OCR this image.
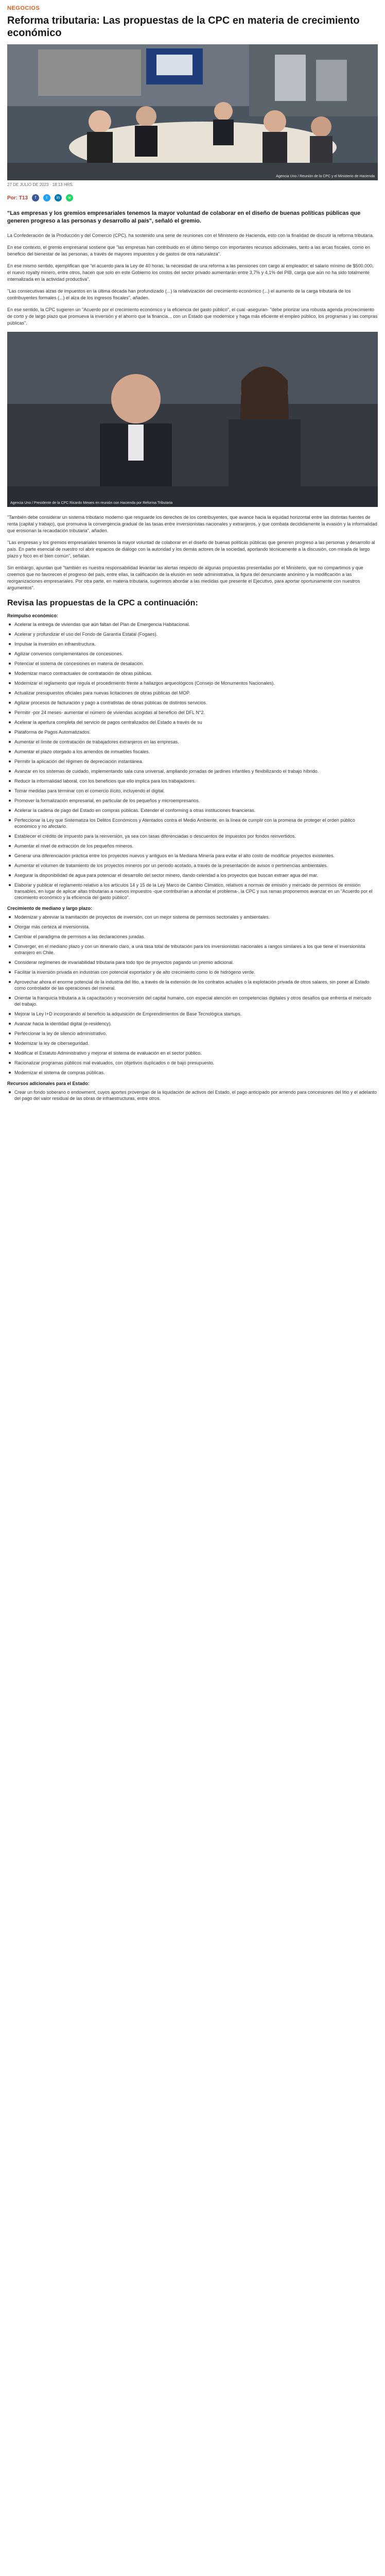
NEGOCIOS
Reforma tributaria: Las propuestas de la CPC en materia de crecimiento económico
Agencia Uno / Reunión de la CPC y el Ministerio de Hacienda
27 DE JULIO DE 2023 · 18:13 HRS.
Por: T13	f	t	in	w
"Las empresas y los gremios empresariales tenemos la mayor voluntad de colaborar en el diseño de buenas políticas públicas que generen progreso a las personas y desarrollo al país", señaló el gremio.

La Confederación de la Producción y del Comercio (CPC), ha sostenido una serie de reuniones con el Ministerio de Hacienda, esto con la finalidad de discutir la reforma tributaria.

En ese contexto, el gremio empresarial sostiene que "las empresas han contribuido en el último tiempo con importantes recursos adicionales, tanto a las arcas fiscales, como en beneficio del bienestar de las personas, a través de mayores impuestos y de gastos de otra naturaleza".

En ese mismo sentido, ejemplifican que "el acuerdo para la Ley de 40 horas, la necesidad de una reforma a las pensiones con cargo al empleador, el salario mínimo de $500.000, el nuevo royalty minero, entre otros, hacen que solo en este Gobierno los costos del sector privado aumentarán entre 3,7% y 4,1% del PIB, carga que aún no ha sido totalmente internalizada en la actividad productiva".

"Las consecutivas alzas de impuestos en la última década han profundizado (...) la relativización del crecimiento económico (...) el aumento de la carga tributaria de los contribuyentes formales (...) el alza de los ingresos fiscales", añaden.

En ese sentido, la CPC sugieren un "Acuerdo por el crecimiento económico y la eficiencia del gasto público", el cual -aseguran- "debe priorizar una robusta agenda procrecimiento de corto y de largo plazo que promueva la inversión y el ahorro que la financia... con un Estado que modernice y haga más eficiente el empleo público, los programas y las compras públicas".

Agencia Uno / Presidente de la CPC Ricardo Mewes en reunión con Hacienda por Reforma Tributaria

"También debe considerar un sistema tributario moderno que resguarde los derechos de los contribuyentes, que avance hacia la equidad horizontal entre las distintas fuentes de renta (capital y trabajo), que promueva la convergencia gradual de las tasas entre inversionistas nacionales y extranjeros, y que combata decididamente la evasión y la informalidad que erosionan la recaudación tributaria", añaden.

"Las empresas y los gremios empresariales tenemos la mayor voluntad de colaborar en el diseño de buenas políticas públicas que generen progreso a las personas y desarrollo al país. En parte esencial de nuestro rol abrir espacios de diálogo con la autoridad y los demás actores de la sociedad, aportando técnicamente a la discusión, con mirada de largo plazo y foco en el bien común", señalan.

Sin embargo, apuntan que "también es nuestra responsabilidad levantar las alertas respecto de algunas propuestas presentadas por el Ministerio, que no compartimos y que creemos que no favorecen el progreso del país, entre ellas, la calificación de la elusión en sede administrativa, la figura del denunciante anónimo y la modificación a las reorganizaciones empresariales. Por otra parte, en materia tributaria, sugerimos abordar a las medidas que presente el Ejecutivo, para aportar oportunamente con nuestros argumentos".

Revisa las propuestas de la CPC a continuación:
Reimpulso económico:
Acelerar la entrega de viviendas que aún faltan del Plan de Emergencia Habitacional.
Acelerar y profundizar el uso del Fondo de Garantía Estatal (Fogaes).
Impulsar la inversión en infraestructura.
Agilizar convenios complementarios de concesiones.
Potenciar el sistema de concesiones en materia de desalación.
Modernizar marco contractuales de contratación de obras públicas.
Modernizar el reglamento que regula el procedimiento frente a hallazgos arqueológicos (Consejo de Monumentos Nacionales).
Actualizar presupuestos oficiales para nuevas licitaciones de obras públicas del MOP.
Agilizar procesos de facturación y pago a contratistas de obras públicas de distintos servicios.
Permitir -por 24 meses- aumentar el número de viviendas acogidas al beneficio del DFL N°2.
Acelerar la apertura completa del servicio de pagos centralizados del Estado a través de su
Plataforma de Pagos Automatizados.
Aumentar el límite de contratación de trabajadores extranjeros en las empresas.
Aumentar el plazo otorgado a los arriendos de inmuebles fiscales.
Permitir la aplicación del régimen de depreciación instantánea.
Avanzar en los sistemas de cuidado, implementando sala cuna universal, ampliando jornadas de jardines infantiles y flexibilizando el trabajo híbrido.
Reducir la informalidad laboral, con los beneficios que ello implica para los trabajadores.
Tomar medidas para terminar con el comercio ilícito, incluyendo el digital.
Promover la formalización empresarial, en particular de los pequeños y microempresarios.
Acelerar la cadena de pago del Estado en compras públicas. Extender el conforming a otras instituciones financieras.
Perfeccionar la Ley que Sistematiza los Delitos Económicos y Atentados contra el Medio Ambiente, en la línea de cumplir con la promesa de proteger el orden público económico y no afectarlo.
Establecer el crédito de impuesto para la reinversión, ya sea con tasas diferenciadas o descuentos de impuestos por fondos reinvertidos.
Aumentar el nivel de extracción de los pequeños mineros.
Generar una diferenciación práctica entre los proyectos nuevos y antiguos en la Mediana Minería para evitar el alto costo de modificar proyectos existentes.
Aumentar el volumen de tratamiento de los proyectos mineros por un período acotado, a través de la presentación de avisos o pertinencias ambientales.
Asegurar la disponibilidad de agua para potenciar el desarrollo del sector minero, dando celeridad a los proyectos que buscan extraer agua del mar.
Elaborar y publicar el reglamento relativo a los artículos 14 y 15 de la Ley Marco de Cambio Climático, relativos a normas de emisión y mercado de permisos de emisión transables, en lugar de aplicar altas tributarias a nuevos impuestos -que contribuirían a ahondar el problema-, la CPC y sus ramas proponemos avanzar en un "Acuerdo por el crecimiento económico y la eficiencia del gasto público".
Crecimiento de mediano y largo plazo:
Modernizar y abreviar la tramitación de proyectos de inversión, con un mejor sistema de permisos sectoriales y ambientales.
Otorgar más certeza al inversionista.
Cambiar el paradigma de permisos a las declaraciones juradas.
Converger, en el mediano plazo y con un itinerario claro, a una tasa total de tributación para los inversionistas nacionales a rangos similares a los que tiene el inversionista extranjero en Chile.
Considerar regímenes de invariabilidad tributaria para todo tipo de proyectos pagando un premio adicional.
Facilitar la inversión privada en industrias con potencial exportador y de alto crecimiento como lo de hidrógeno verde.
Aprovechar ahora el enorme potencial de la industria del litio, a través de la extensión de los contratos actuales o la explotación privada de otros salares, sin poner al Estado como controlador de las operaciones del mineral.
Orientar la franquicia tributaria a la capacitación y reconversión del capital humano, con especial atención en competencias digitales y otros desafíos que enfrenta el mercado del trabajo.
Mejorar la Ley I+D incorporando al beneficio la adquisición de Emprendimientos de Base Tecnológica startups.
Avanzar hacia la identidad digital (e-residency).
Perfeccionar la ley de silencio administrativo.
Modernizar la ley de ciberseguridad.
Modificar el Estatuto Administrativo y mejorar el sistema de evaluación en el sector público.
Racionalizar programas públicos mal evaluados, con objetivos duplicados o de bajo presupuesto.
Modernizar el sistema de compras públicas.
Recursos adicionales para el Estado:
Crear un fondo soberano o endowment, cuyos aportes provengan de la liquidación de activos del Estado, el pago anticipado por arriendo para concesiones del litio y el adelanto del pago del valor residual de las obras de infraestructuras, entre otros.
